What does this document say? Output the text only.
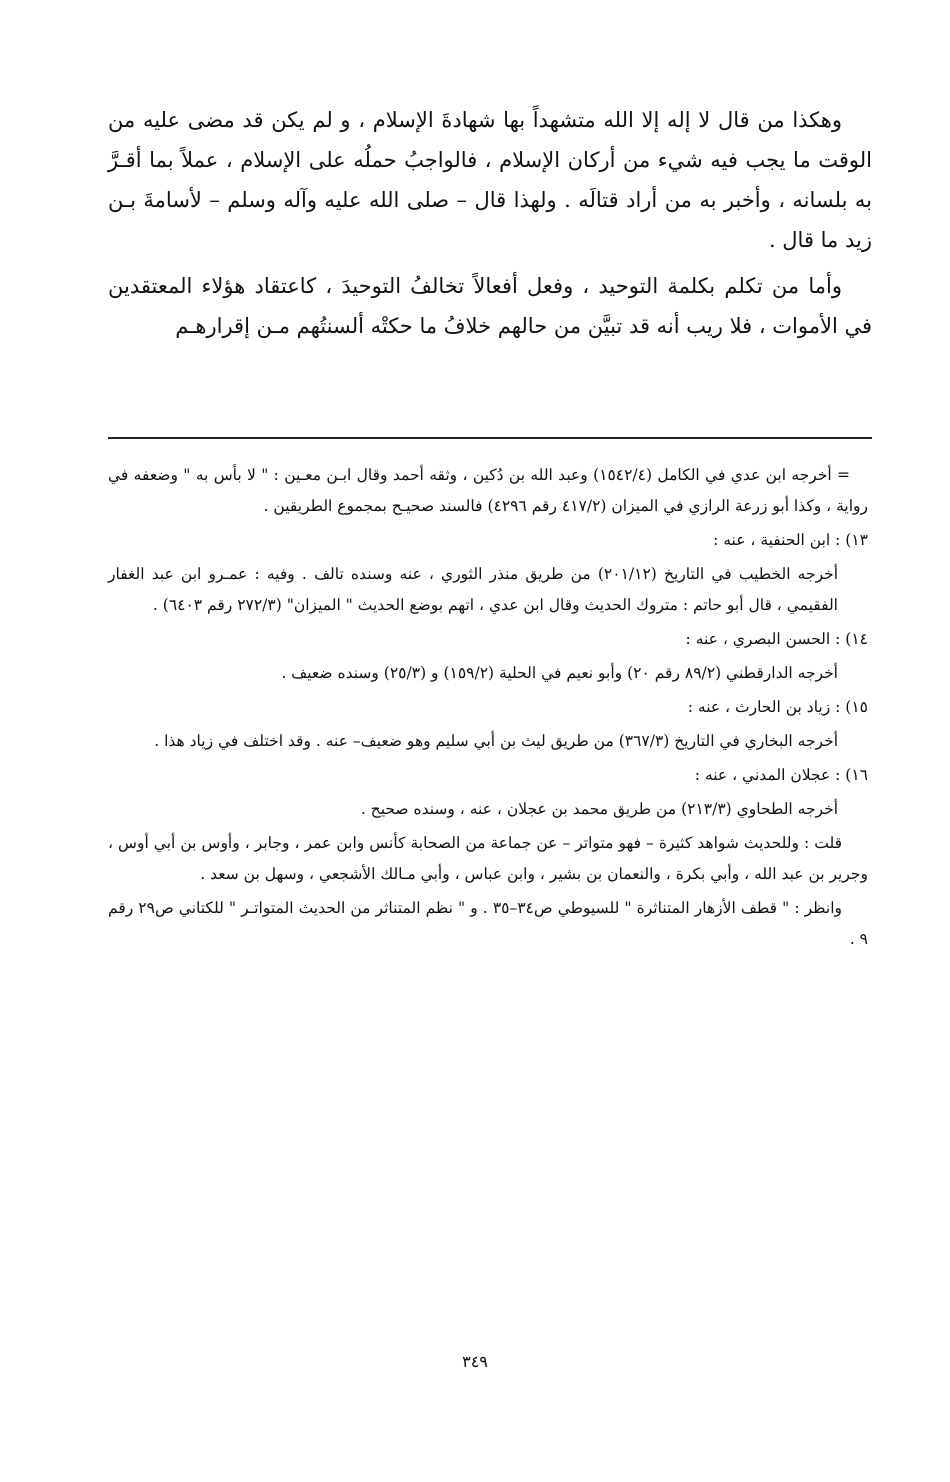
وهكذا من قال لا إله إلا الله متشهداً بها شهادةَ الإسلام ، و لم يكن قد مضى عليه من الوقت ما يجب فيه شيء من أركان الإسلام ، فالواجبُ حملُه على الإسلام ، عملاً بما أقـرَّ به بلسانه ، وأخبر به من أراد قتالَه . ولهذا قال – صلى الله عليه وآله وسلم – لأسامةَ بـن زيد ما قال .

وأما من تكلم بكلمة التوحيد ، وفعل أفعالاً تخالفُ التوحيدَ ، كاعتقاد هؤلاء المعتقدين في الأموات ، فلا ريب أنه قد تبيَّن من حالهم خلافُ ما حكتْه ألسنتُهم مـن إقرارهـم

= أخرجه ابن عدي في الكامل (١٥٤٢/٤) وعبد الله بن دُكين ، وثقه أحمد وقال ابـن معـين : " لا بأس به " وضعفه في رواية ، وكذا أبو زرعة الرازي في الميزان (٤١٧/٢ رقم ٤٢٩٦) فالسند صحيـح بمجموع الطريقين .

١٣) : ابن الحنفية ، عنه :

أخرجه الخطيب في التاريخ (٢٠١/١٢) من طريق منذر الثوري ، عنه وسنده تالف . وفيه : عمـرو ابن عبد الغفار الفقيمي ، قال أبو حاتم : متروك الحديث وقال ابن عدي ، اتهم بوضع الحديث " الميزان" (٢٧٢/٣ رقم ٦٤٠٣) .

١٤) : الحسن البصري ، عنه :

أخرجه الدارقطني (٨٩/٢ رقم ٢٠) وأبو نعيم في الحلية (١٥٩/٢) و (٢٥/٣) وسنده ضعيف .

١٥) : زياد بن الحارث ، عنه :

أخرجه البخاري في التاريخ (٣٦٧/٣) من طريق ليث بن أبي سليم وهو ضعيف– عنه . وقد اختلف في زياد هذا .

١٦) : عجلان المدني ، عنه :

أخرجه الطحاوي (٢١٣/٣) من طريق محمد بن عجلان ، عنه ، وسنده صحيح .

قلت : وللحديث شواهد كثيرة – فهو متواتر – عن جماعة من الصحابة كأنس وابن عمر ، وجابر ، وأوس بن أبي أوس ، وجرير بن عبد الله ، وأبي بكرة ، والنعمان بن بشير ، وابن عباس ، وأبي مـالك الأشجعي ، وسهل بن سعد .

وانظر : " قطف الأزهار المتناثرة " للسيوطي ص٣٤–٣٥ . و " نظم المتناثر من الحديث المتواتـر " للكتاني ص٢٩ رقم ٩ .

٣٤٩
